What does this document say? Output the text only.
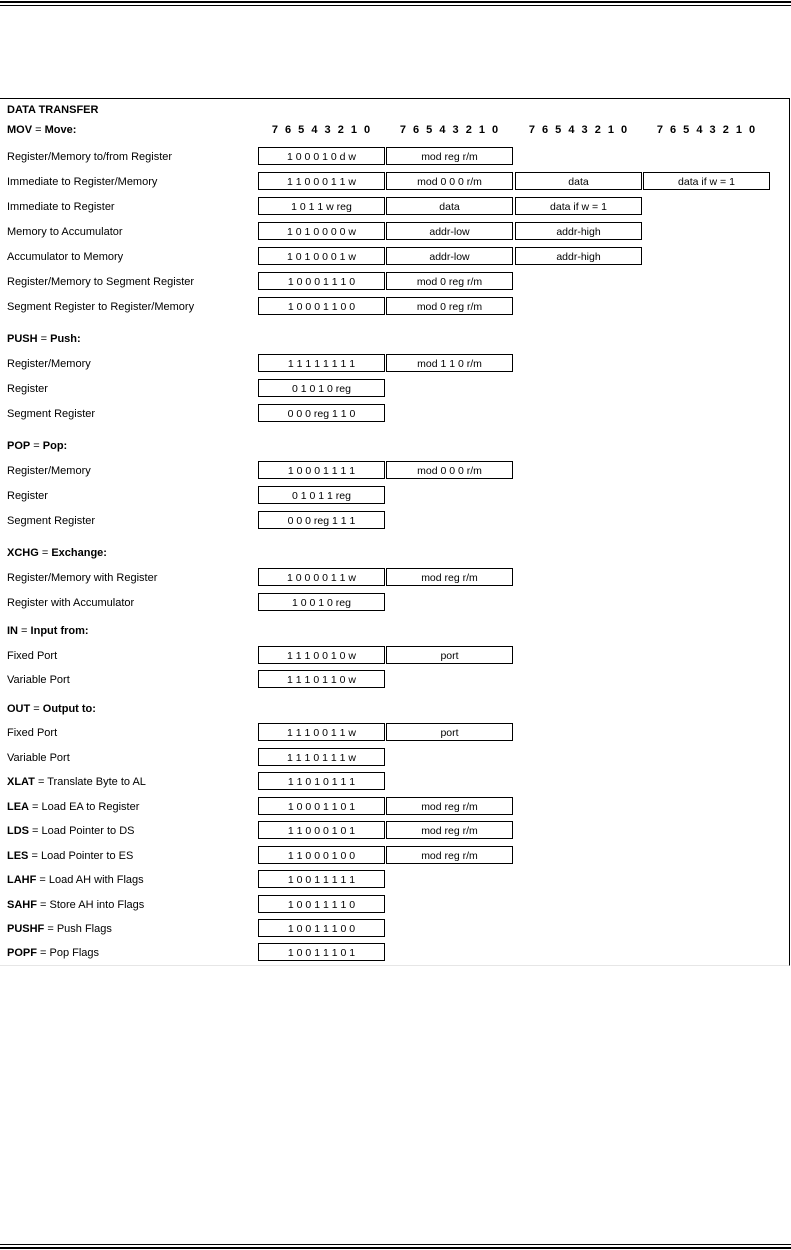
DATA TRANSFER
MOV = Move:	7 6 5 4 3 2 1 0	7 6 5 4 3 2 1 0	7 6 5 4 3 2 1 0	7 6 5 4 3 2 1 0
Register/Memory to/from Register	1 0 0 0 1 0 d w	mod reg r/m
Immediate to Register/Memory	1 1 0 0 0 1 1 w	mod 0 0 0 r/m	data	data if w = 1
Immediate to Register	1 0 1 1 w reg	data	data if w = 1
Memory to Accumulator	1 0 1 0 0 0 0 w	addr-low	addr-high
Accumulator to Memory	1 0 1 0 0 0 1 w	addr-low	addr-high
Register/Memory to Segment Register	1 0 0 0 1 1 1 0	mod 0 reg r/m
Segment Register to Register/Memory	1 0 0 0 1 1 0 0	mod 0 reg r/m
PUSH = Push:
Register/Memory	1 1 1 1 1 1 1 1	mod 1 1 0 r/m
Register	0 1 0 1 0 reg
Segment Register	0 0 0 reg 1 1 0
POP = Pop:
Register/Memory	1 0 0 0 1 1 1 1	mod 0 0 0 r/m
Register	0 1 0 1 1 reg
Segment Register	0 0 0 reg 1 1 1
XCHG = Exchange:
Register/Memory with Register	1 0 0 0 0 1 1 w	mod reg r/m
Register with Accumulator	1 0 0 1 0 reg
IN = Input from:
Fixed Port	1 1 1 0 0 1 0 w	port
Variable Port	1 1 1 0 1 1 0 w
OUT = Output to:
Fixed Port	1 1 1 0 0 1 1 w	port
Variable Port	1 1 1 0 1 1 1 w
XLAT = Translate Byte to AL	1 1 0 1 0 1 1 1
LEA = Load EA to Register	1 0 0 0 1 1 0 1	mod reg r/m
LDS = Load Pointer to DS	1 1 0 0 0 1 0 1	mod reg r/m
LES = Load Pointer to ES	1 1 0 0 0 1 0 0	mod reg r/m
LAHF = Load AH with Flags	1 0 0 1 1 1 1 1
SAHF = Store AH into Flags	1 0 0 1 1 1 1 0
PUSHF = Push Flags	1 0 0 1 1 1 0 0
POPF = Pop Flags	1 0 0 1 1 1 0 1
